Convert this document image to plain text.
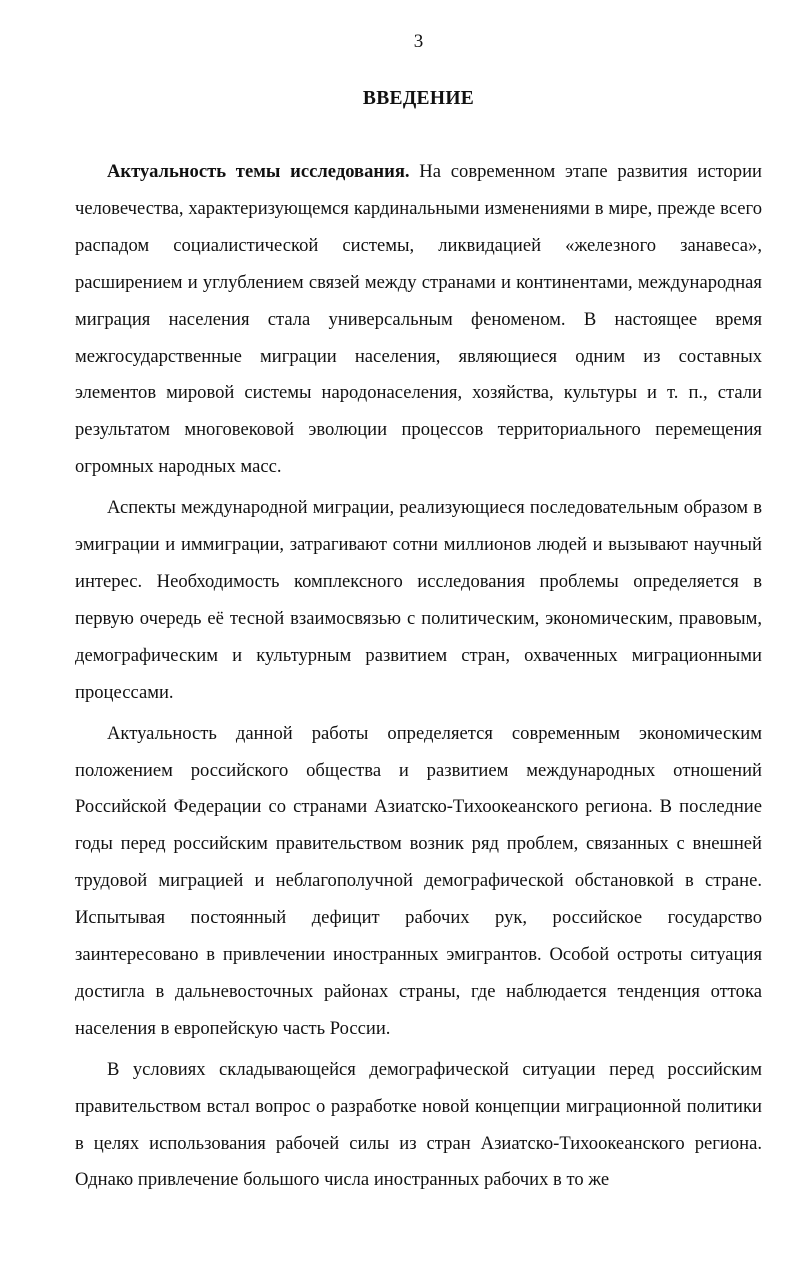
3
ВВЕДЕНИЕ

Актуальность темы исследования. На современном этапе развития истории человечества, характеризующемся кардинальными изменениями в мире, прежде всего распадом социалистической системы, ликвидацией «железного занавеса», расширением и углублением связей между странами и континентами, международная миграция населения стала универсальным феноменом. В настоящее время межгосударственные миграции населения, являющиеся одним из составных элементов мировой системы народонаселения, хозяйства, культуры и т. п., стали результатом многовековой эволюции процессов территориального перемещения огромных народных масс.

Аспекты международной миграции, реализующиеся последовательным образом в эмиграции и иммиграции, затрагивают сотни миллионов людей и вызывают научный интерес. Необходимость комплексного исследования проблемы определяется в первую очередь её тесной взаимосвязью с политическим, экономическим, правовым, демографическим и культурным развитием стран, охваченных миграционными процессами.

Актуальность данной работы определяется современным экономическим положением российского общества и развитием международных отношений Российской Федерации со странами Азиатско-Тихоокеанского региона. В последние годы перед российским правительством возник ряд проблем, связанных с внешней трудовой миграцией и неблагополучной демографической обстановкой в стране. Испытывая постоянный дефицит рабочих рук, российское государство заинтересовано в привлечении иностранных эмигрантов. Особой остроты ситуация достигла в дальневосточных районах страны, где наблюдается тенденция оттока населения в европейскую часть России.

В условиях складывающейся демографической ситуации перед российским правительством встал вопрос о разработке новой концепции миграционной политики в целях использования рабочей силы из стран Азиатско-Тихоокеанского региона. Однако привлечение большого числа иностранных рабочих в то же
